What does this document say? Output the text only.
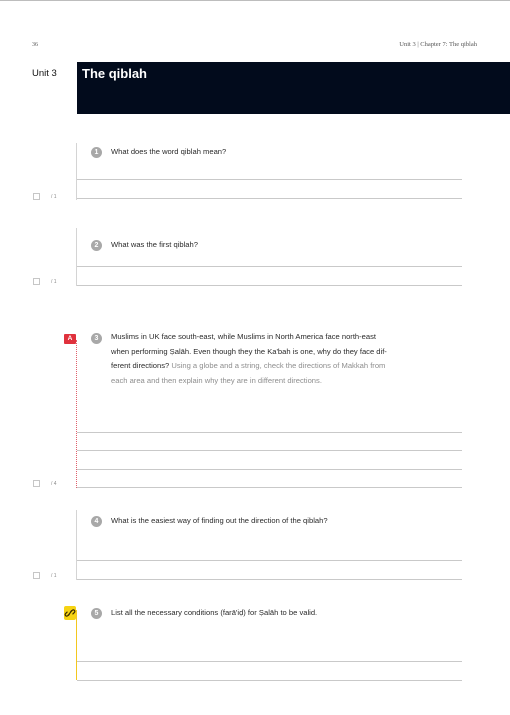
36	Unit 3 | Chapter 7: The qiblah
Unit 3 The qiblah
1	What does the word qiblah mean?
/ 1
2	What was the first qiblah?
/ 1
A	3	Muslims in UK face south-east, while Muslims in North America face north-east
when performing Ṣalāh. Even though they the Ka'bah is one, why do they face dif-
ferent directions? Using a globe and a string, check the directions of Makkah from
each area and then explain why they are in different directions.
/ 4
4	What is the easiest way of finding out the direction of the qiblah?
/ 1
5	List all the necessary conditions (farā'iḍ) for Ṣalāh to be valid.
